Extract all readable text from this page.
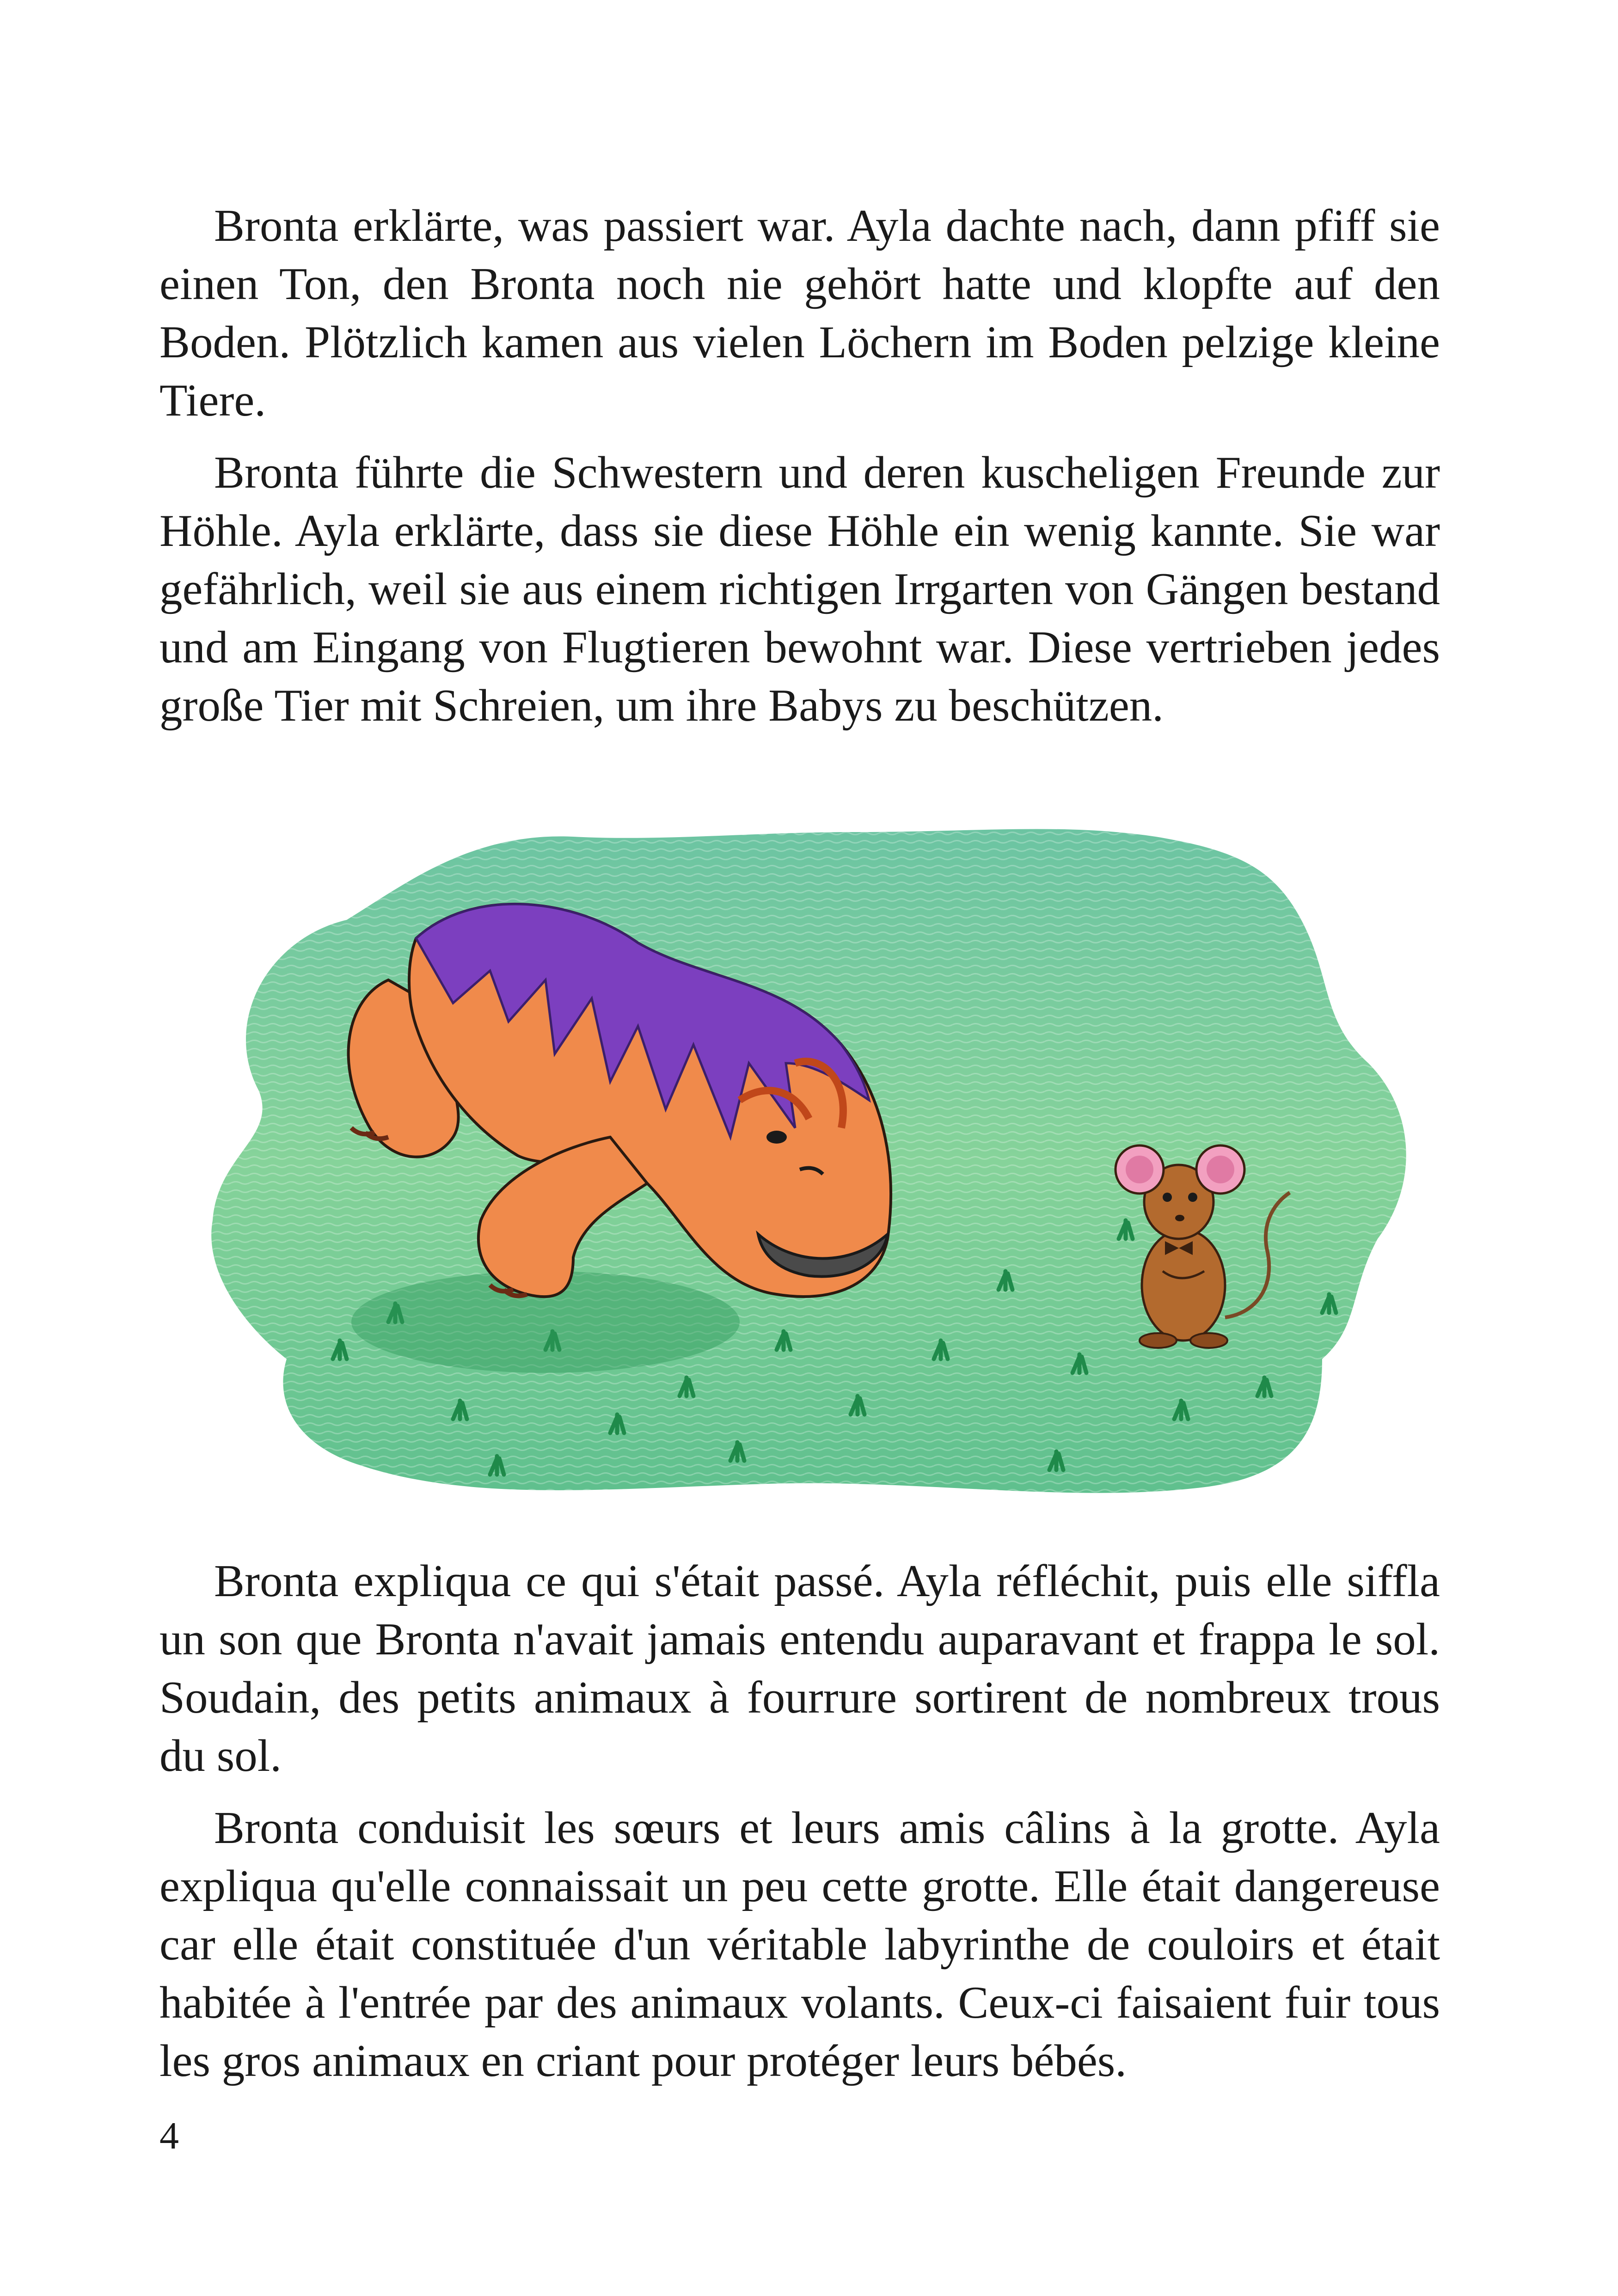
Bronta erklärte, was passiert war. Ayla dachte nach, dann pfiff sie einen Ton, den Bronta noch nie gehört hatte und klopfte auf den Boden. Plötzlich kamen aus vielen Löchern im Boden pelzige kleine Tiere.

Bronta führte die Schwestern und deren kuscheligen Freunde zur Höhle. Ayla erklärte, dass sie diese Höhle ein wenig kannte. Sie war gefährlich, weil sie aus einem richtigen Irrgarten von Gängen bestand und am Eingang von Flugtieren bewohnt war. Diese vertrieben jedes große Tier mit Schreien, um ihre Babys zu beschützen.

Bronta expliqua ce qui s'était passé. Ayla réfléchit, puis elle siffla un son que Bronta n'avait jamais entendu auparavant et frappa le sol. Soudain, des petits animaux à fourrure sortirent de nombreux trous du sol.

Bronta conduisit les sœurs et leurs amis câlins à la grotte. Ayla expliqua qu'elle connaissait un peu cette grotte. Elle était dangereuse car elle était constituée d'un véritable labyrinthe de couloirs et était habitée à l'entrée par des animaux volants. Ceux-ci faisaient fuir tous les gros animaux en criant pour protéger leurs bébés.

4
